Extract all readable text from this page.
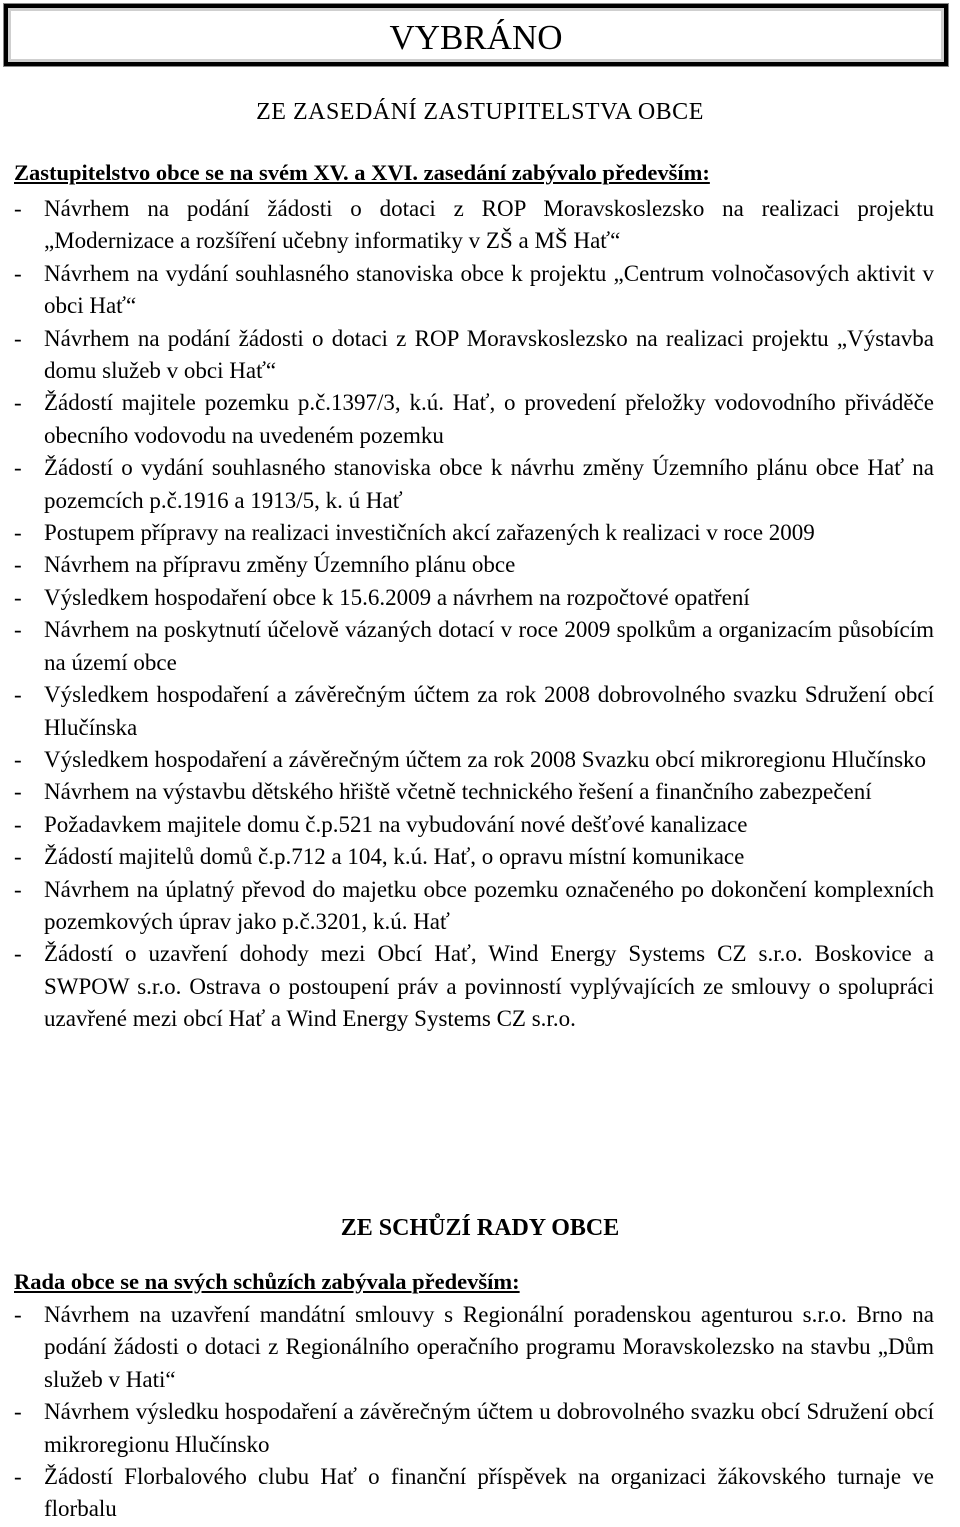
VYBRÁNO
ZE ZASEDÁNÍ ZASTUPITELSTVA OBCE
Zastupitelstvo obce se na svém XV. a XVI. zasedání zabývalo především:
- Návrhem na podání žádosti o dotaci z ROP Moravskoslezsko na realizaci projektu „Modernizace a rozšíření učebny informatiky v ZŠ a MŠ Hať“
- Návrhem na vydání souhlasného stanoviska obce k projektu „Centrum volnočasových aktivit v obci Hať“
- Návrhem na podání žádosti o dotaci z ROP Moravskoslezsko na realizaci projektu „Výstavba domu služeb v obci Hať“
- Žádostí majitele pozemku p.č.1397/3, k.ú. Hať, o provedení přeložky vodovodního přiváděče obecního vodovodu na uvedeném pozemku
- Žádostí o vydání souhlasného stanoviska obce k návrhu změny Územního plánu obce Hať na pozemcích p.č.1916 a 1913/5, k. ú Hať
- Postupem přípravy na realizaci investičních akcí zařazených k realizaci v roce 2009
- Návrhem na přípravu změny Územního plánu obce
- Výsledkem hospodaření obce k 15.6.2009 a návrhem na rozpočtové opatření
- Návrhem na poskytnutí účelově vázaných dotací v roce 2009 spolkům a organizacím působícím na území obce
- Výsledkem hospodaření a závěrečným účtem za rok 2008 dobrovolného svazku Sdružení obcí Hlučínska
- Výsledkem hospodaření a závěrečným účtem za rok 2008 Svazku obcí mikroregionu Hlučínsko
- Návrhem na výstavbu dětského hřiště včetně technického řešení a finančního zabezpečení
- Požadavkem majitele domu č.p.521 na vybudování nové dešťové kanalizace
- Žádostí majitelů domů č.p.712 a 104, k.ú. Hať, o opravu místní komunikace
- Návrhem na úplatný převod do majetku obce pozemku označeného po dokončení komplexních pozemkových úprav jako p.č.3201, k.ú. Hať
- Žádostí o uzavření dohody mezi Obcí Hať, Wind Energy Systems CZ s.r.o. Boskovice a SWPOW s.r.o. Ostrava o postoupení práv a povinností vyplývajících ze smlouvy o spolupráci uzavřené mezi obcí Hať a Wind Energy Systems CZ s.r.o.
ZE SCHŮZÍ RADY OBCE
Rada obce se na svých schůzích zabývala především:
- Návrhem na uzavření mandátní smlouvy s Regionální poradenskou agenturou s.r.o. Brno na podání žádosti o dotaci z Regionálního operačního programu Moravskolezsko na stavbu „Dům služeb v Hati“
- Návrhem výsledku hospodaření a závěrečným účtem u dobrovolného svazku obcí Sdružení obcí mikroregionu Hlučínsko
- Žádostí Florbalového clubu Hať o finanční příspěvek na organizaci žákovského turnaje ve florbalu
